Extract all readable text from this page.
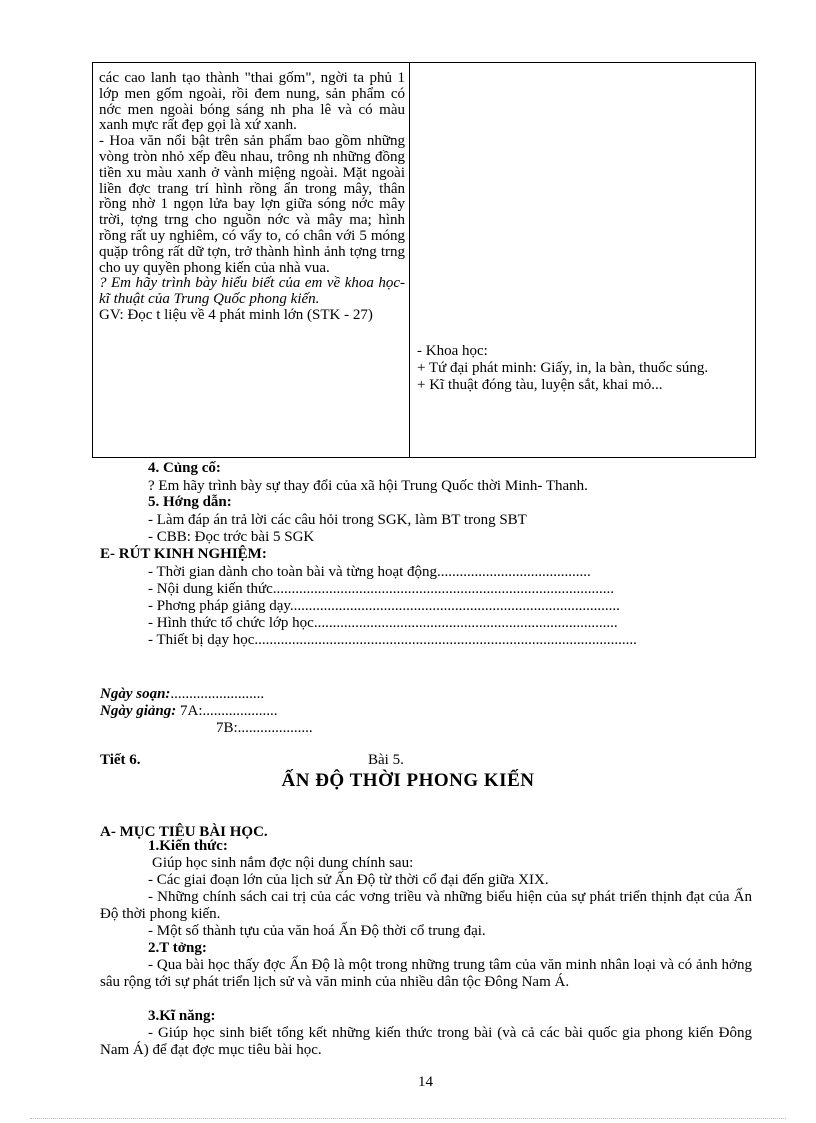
các cao lanh tạo thành "thai gốm", ngời ta phủ 1 lớp men gốm ngoài, rồi đem nung, sản phẩm có nớc men ngoài bóng sáng nh pha lê và có màu xanh mực rất đẹp gọi là xứ xanh.

- Hoa văn nổi bật trên sản phẩm bao gồm những vòng tròn nhỏ xếp đều nhau, trông nh những đồng tiền xu màu xanh ở vành miệng ngoài. Mặt ngoài liền đợc trang trí hình rồng ẩn trong mây, thân rồng nhờ 1 ngọn lửa bay lợn giữa sóng nớc mây trời, tợng trng cho nguồn nớc và mây ma; hình rồng rất uy nghiêm, có vẩy to, có chân với 5 móng quặp trông rất dữ tợn, trở thành hình ảnh tợng trng cho uy quyền phong kiến của nhà vua.

? Em hãy trình bày hiểu biết của em về khoa học- kĩ thuật của Trung Quốc phong kiến.

GV: Đọc t liệu về 4 phát minh lớn (STK - 27)

- Khoa học:

+ Tứ đại phát minh: Giấy, in, la bàn, thuốc súng.

+ Kĩ thuật đóng tàu, luyện sắt, khai mỏ...

4. Củng cố:
? Em hãy trình bày sự thay đổi của xã hội Trung Quốc thời Minh- Thanh.
5. Hớng dẫn:
- Làm đáp án trả lời các câu hỏi trong SGK, làm BT trong SBT
- CBB: Đọc trớc bài 5 SGK
E- RÚT KINH NGHIỆM:
- Thời gian dành cho toàn bài và từng hoạt động.........................................
- Nội dung kiến thức...........................................................................................
- Phơng pháp giảng dạy........................................................................................
- Hình thức tổ chức lớp học.................................................................................
- Thiết bị dạy học......................................................................................................
Ngày soạn:.........................
Ngày giảng: 7A:....................
7B:....................
Tiết 6.	Bài 5.
ẤN ĐỘ THỜI PHONG KIẾN
A- MỤC TIÊU BÀI HỌC.
1.Kiến thức:
Giúp học sinh nắm đợc nội dung chính sau:
- Các giai đoạn lớn của lịch sử Ấn Độ từ thời cổ đại đến giữa XIX.
- Những chính sách cai trị của các vơng triều và những biểu hiện của sự phát triển thịnh đạt của Ấn Độ thời phong kiến.
- Một số thành tựu của văn hoá Ấn Độ thời cổ trung đại.
2.T tởng:
- Qua bài học thấy đợc Ấn Độ là một trong những trung tâm của văn minh nhân loại và có ảnh hởng sâu rộng tới sự phát triển lịch sử và văn minh của nhiều dân tộc Đông Nam Á.
3.Kĩ năng:
- Giúp học sinh biết tổng kết những kiến thức trong bài (và cả các bài quốc gia phong kiến Đông Nam Á) để đạt đợc mục tiêu bài học.
14
